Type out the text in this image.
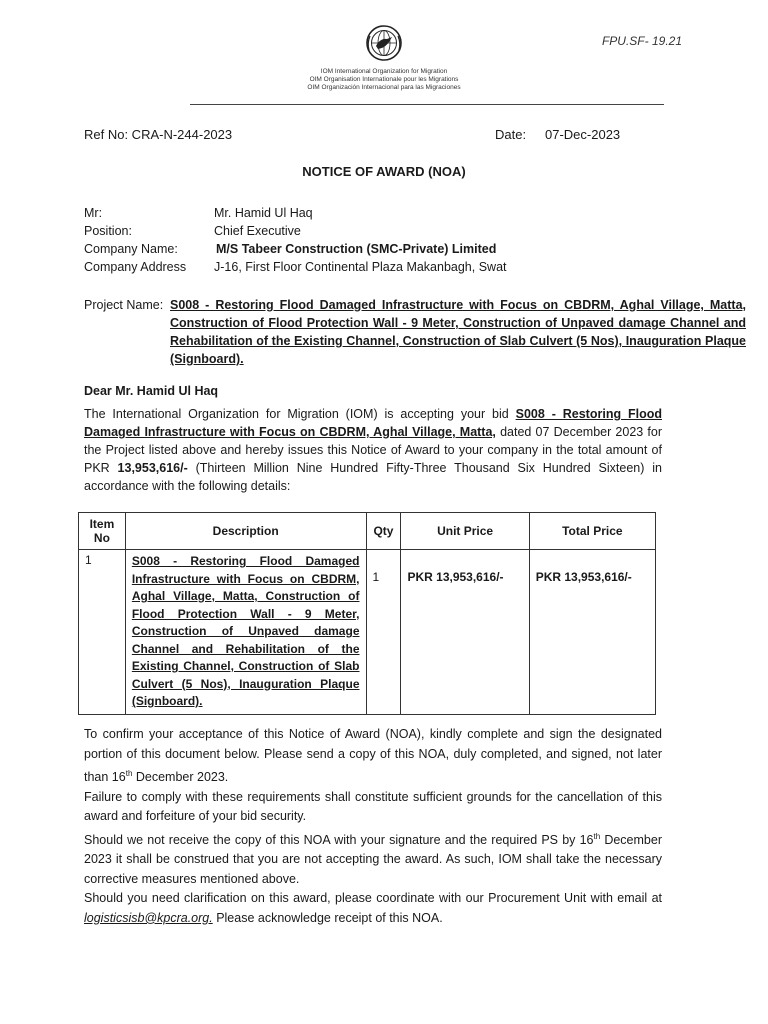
FPU.SF- 19.21
IOM International Organization for Migration
OIM Organisation Internationale pour les Migrations
OIM Organización Internacional para las Migraciones
Ref No: CRA-N-244-2023	Date: 07-Dec-2023
NOTICE OF AWARD (NOA)
Mr:	Mr. Hamid Ul Haq
Position:	Chief Executive
Company Name:	M/S Tabeer Construction (SMC-Private) Limited
Company Address J-16, First Floor Continental Plaza Makanbagh, Swat
Project Name: S008 - Restoring Flood Damaged Infrastructure with Focus on CBDRM, Aghal Village, Matta, Construction of Flood Protection Wall - 9 Meter, Construction of Unpaved damage Channel and Rehabilitation of the Existing Channel, Construction of Slab Culvert (5 Nos), Inauguration Plaque (Signboard).
Dear Mr. Hamid Ul Haq
The International Organization for Migration (IOM) is accepting your bid S008 - Restoring Flood Damaged Infrastructure with Focus on CBDRM, Aghal Village, Matta, dated 07 December 2023 for the Project listed above and hereby issues this Notice of Award to your company in the total amount of PKR 13,953,616/- (Thirteen Million Nine Hundred Fifty-Three Thousand Six Hundred Sixteen) in accordance with the following details:
Item No	Description	Qty	Unit Price	Total Price
1	S008 - Restoring Flood Damaged Infrastructure with Focus on CBDRM, Aghal Village, Matta, Construction of Flood Protection Wall - 9 Meter, Construction of Unpaved damage Channel and Rehabilitation of the Existing Channel, Construction of Slab Culvert (5 Nos), Inauguration Plaque (Signboard).	1	PKR 13,953,616/-	PKR 13,953,616/-

To confirm your acceptance of this Notice of Award (NOA), kindly complete and sign the designated portion of this document below. Please send a copy of this NOA, duly completed, and signed, not later than 16th December 2023.

Failure to comply with these requirements shall constitute sufficient grounds for the cancellation of this award and forfeiture of your bid security.

Should we not receive the copy of this NOA with your signature and the required PS by 16th December 2023 it shall be construed that you are not accepting the award. As such, IOM shall take the necessary corrective measures mentioned above.

Should you need clarification on this award, please coordinate with our Procurement Unit with email at logisticsisb@kpcra.org. Please acknowledge receipt of this NOA.
